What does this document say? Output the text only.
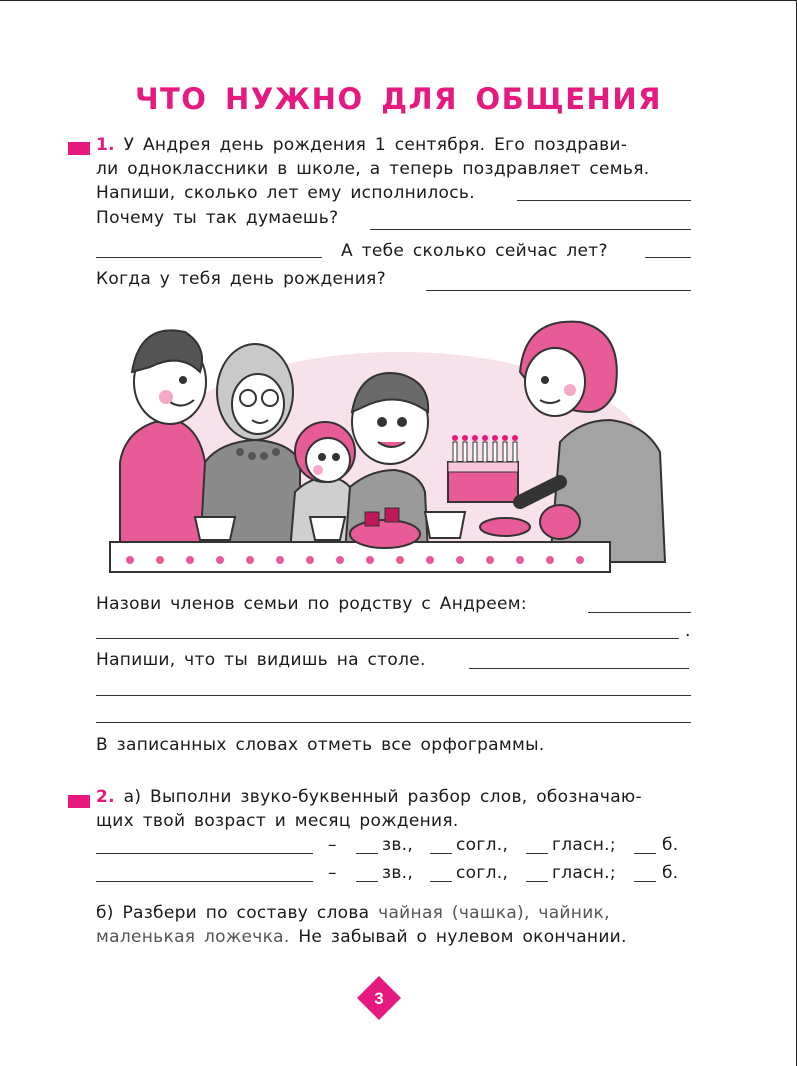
ЧТО НУЖНО ДЛЯ ОБЩЕНИЯ
1. У Андрея день рождения 1 сентября. Его поздрави-
ли одноклассники в школе, а теперь поздравляет семья.
Напиши, сколько лет ему исполнилось.
Почему ты так думаешь?
А тебе сколько сейчас лет?
Когда у тебя день рождения?
Назови членов семьи по родству с Андреем:
.
Напиши, что ты видишь на столе.
В записанных словах отметь все орфограммы.
2. а) Выполни звуко-буквенный разбор слов, обозначаю-
щих твой возраст и месяц рождения.
–	зв.,	согл.,	гласн.;	б.
–	зв.,	согл.,	гласн.;	б.
б) Разбери по составу слова чайная (чашка), чайник,
маленькая ложечка. Не забывай о нулевом окончании.
3
